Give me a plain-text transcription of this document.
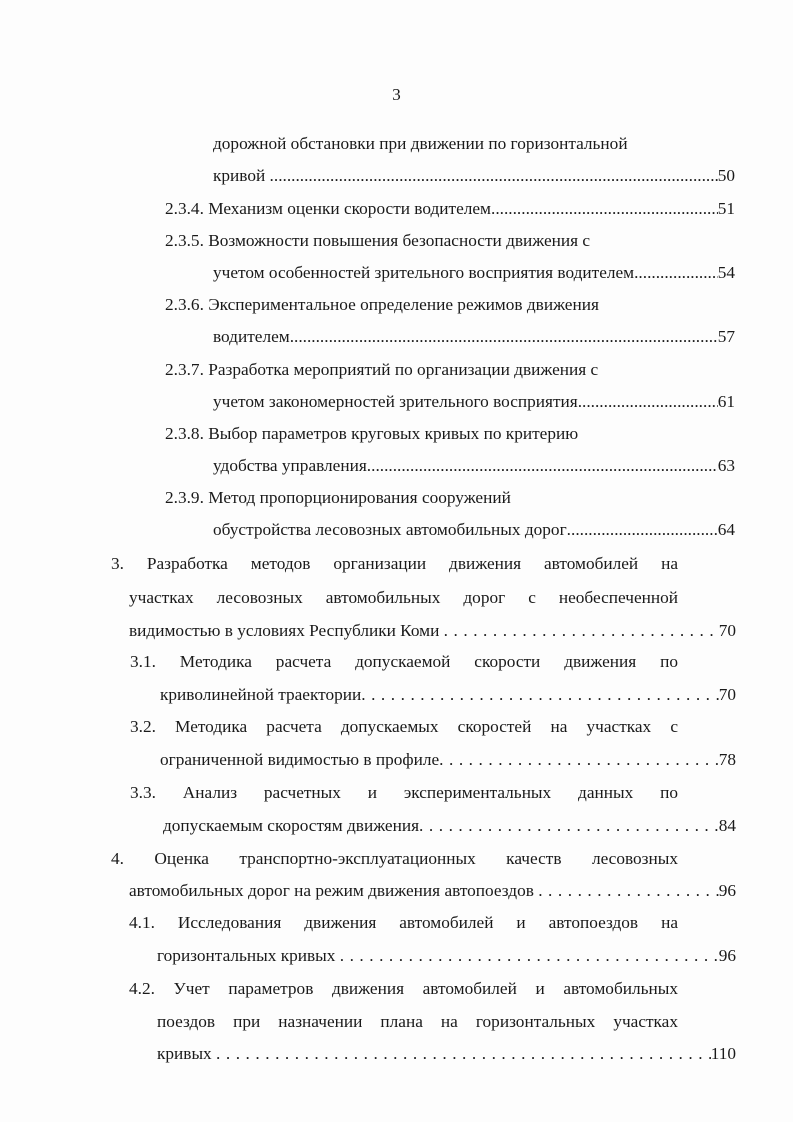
3
дорожной обстановки при движении по горизонтальной
кривой .....	50
2.3.4. Механизм оценки скорости водителем .....	51
2.3.5. Возможности повышения безопасности движения с
учетом особенностей зрительного восприятия водителем .....	54
2.3.6. Экспериментальное определение режимов движения
водителем .....	57
2.3.7. Разработка мероприятий по организации движения с
учетом закономерностей зрительного восприятия .....	61
2.3.8. Выбор параметров круговых кривых по критерию
удобства управления .....	63
2.3.9. Метод пропорционирования сооружений
обустройства лесовозных автомобильных дорог .....	64
3. Разработка методов организации движения автомобилей на
участках лесовозных автомобильных дорог с необеспеченной
видимостью в условиях Республики Коми . . .	70
3.1. Методика расчета допускаемой скорости движения по
криволинейной траектории . . .	70
3.2. Методика расчета допускаемых скоростей на участках с
ограниченной видимостью в профиле . . .	78
3.3. Анализ расчетных и экспериментальных данных по
допускаемым скоростям движения . . .	84
4. Оценка транспортно-эксплуатационных качеств лесовозных
автомобильных дорог на режим движения автопоездов . . .	96
4.1. Исследования движения автомобилей и автопоездов на
горизонтальных кривых . . .	96
4.2. Учет параметров движения автомобилей и автомобильных
поездов при назначении плана на горизонтальных участках
кривых . . .	110
